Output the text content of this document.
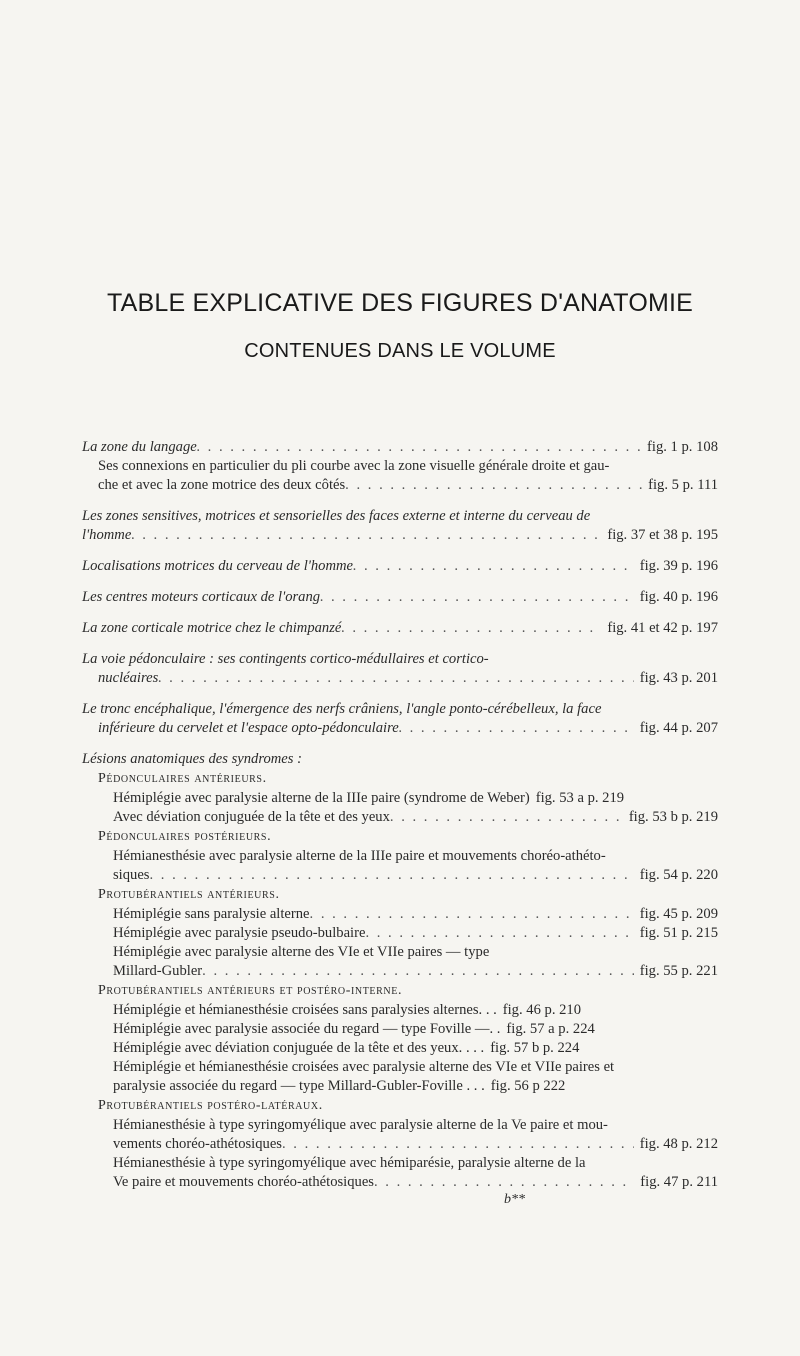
TABLE EXPLICATIVE DES FIGURES D'ANATOMIE
CONTENUES DANS LE VOLUME
La zone du langage . . .	fig. 1 p. 108
Ses connexions en particulier du pli courbe avec la zone visuelle générale droite et gau-
che et avec la zone motrice des deux côtés . . .	fig. 5 p. 111
Les zones sensitives, motrices et sensorielles des faces externe et interne du cerveau de
l'homme . . .	fig. 37 et 38 p. 195
Localisations motrices du cerveau de l'homme . . .	fig. 39 p. 196
Les centres moteurs corticaux de l'orang . . .	fig. 40 p. 196
La zone corticale motrice chez le chimpanzé . . .	fig. 41 et 42 p. 197
La voie pédonculaire : ses contingents cortico-médullaires et cortico-
nucléaires . . .	fig. 43 p. 201
Le tronc encéphalique, l'émergence des nerfs crâniens, l'angle ponto-cérébelleux, la face
inférieure du cervelet et l'espace opto-pédonculaire . . .	fig. 44 p. 207
Lésions anatomiques des syndromes :
Pédonculaires antérieurs.
Hémiplégie avec paralysie alterne de la IIIe paire (syndrome de Weber) fig. 53 a p. 219
Avec déviation conjuguée de la tête et des yeux . . .	fig. 53 b p. 219
Pédonculaires postérieurs.
Hémianesthésie avec paralysie alterne de la IIIe paire et mouvements choréo-athéto-
siques . . .	fig. 54 p. 220
Protubérantiels antérieurs.
Hémiplégie sans paralysie alterne . . .	fig. 45 p. 209
Hémiplégie avec paralysie pseudo-bulbaire . . .	fig. 51 p. 215
Hémiplégie avec paralysie alterne des VIe et VIIe paires — type
Millard-Gubler . . .	fig. 55 p. 221
Protubérantiels antérieurs et postéro-interne.
Hémiplégie et hémianesthésie croisées sans paralysies alternes. . . fig. 46 p. 210
Hémiplégie avec paralysie associée du regard — type Foville —. . fig. 57 a p. 224
Hémiplégie avec déviation conjuguée de la tête et des yeux. . . . fig. 57 b p. 224
Hémiplégie et hémianesthésie croisées avec paralysie alterne des VIe et VIIe paires et
paralysie associée du regard — type Millard-Gubler-Foville . . . fig. 56 p 222
Protubérantiels postéro-latéraux.
Hémianesthésie à type syringomyélique avec paralysie alterne de la Ve paire et mou-
vements choréo-athétosiques . . .	fig. 48 p. 212
Hémianesthésie à type syringomyélique avec hémiparésie, paralysie alterne de la
Ve paire et mouvements choréo-athétosiques . . .	fig. 47 p. 211
b**
